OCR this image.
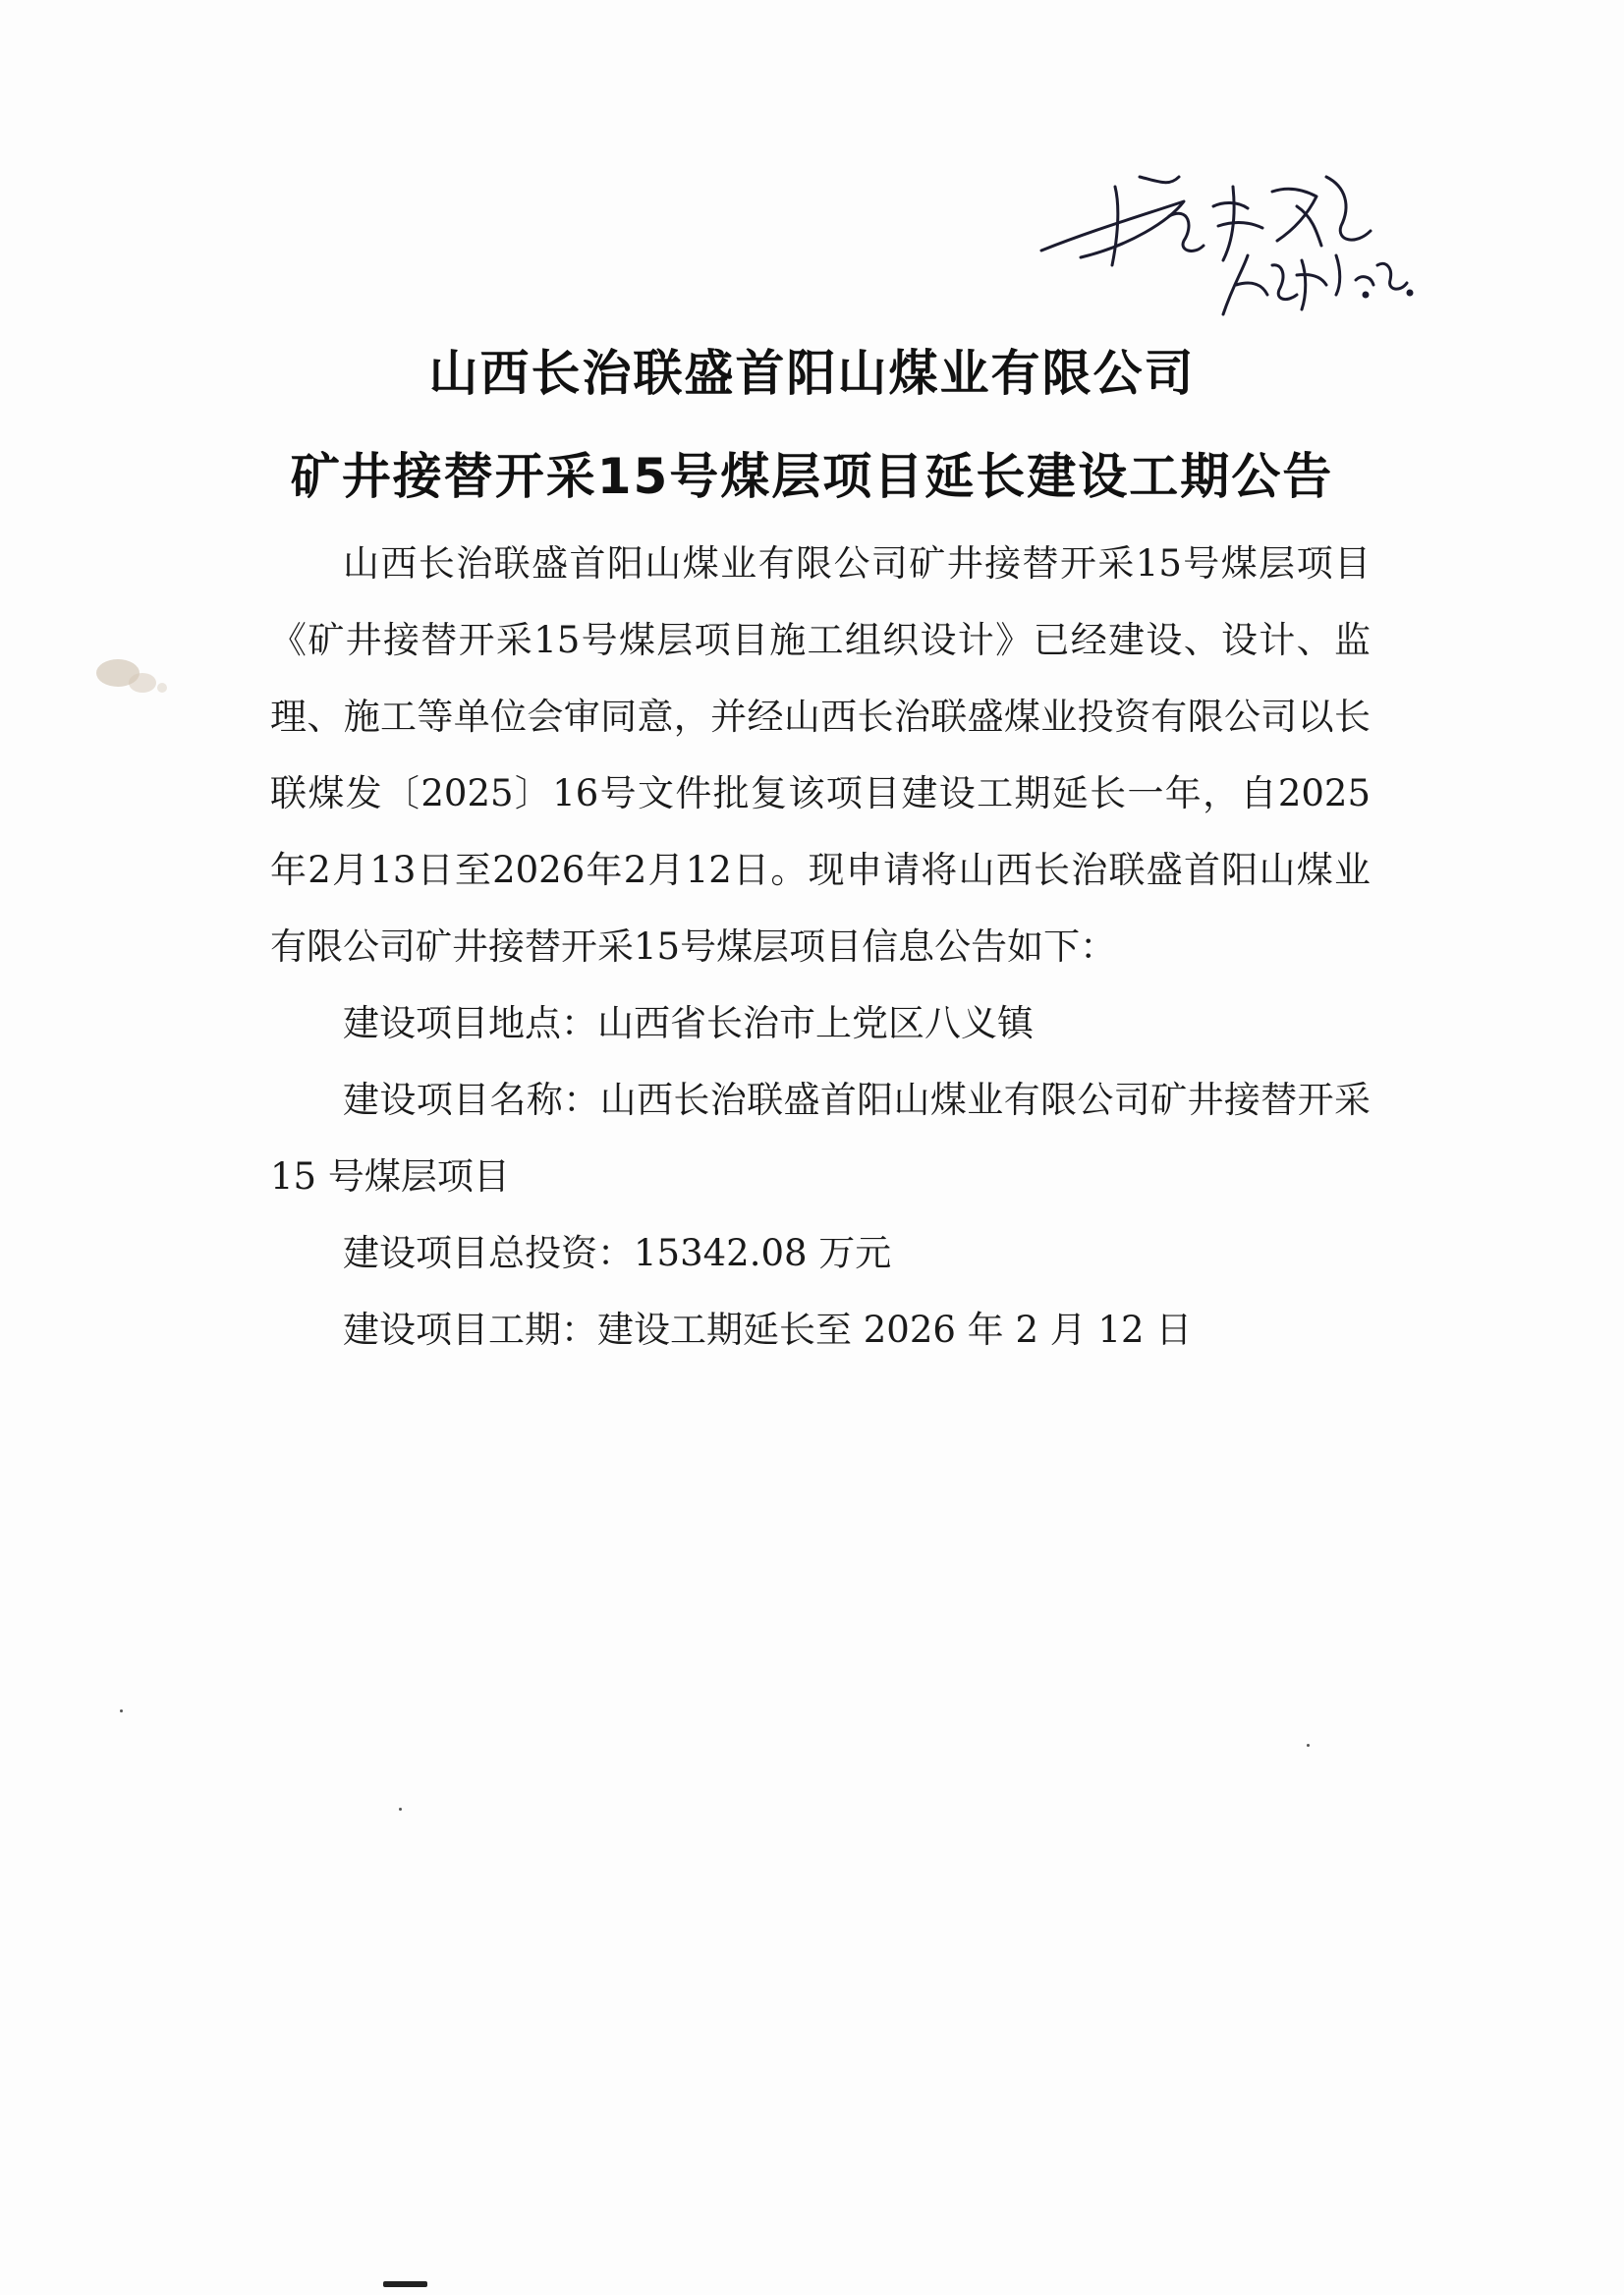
山西长治联盛首阳山煤业有限公司
矿井接替开采15号煤层项目延长建设工期公告

山西长治联盛首阳山煤业有限公司矿井接替开采15号煤层项目《矿井接替开采15号煤层项目施工组织设计》已经建设、设计、监理、施工等单位会审同意，并经山西长治联盛煤业投资有限公司以长联煤发〔2025〕16号文件批复该项目建设工期延长一年，自2025年2月13日至2026年2月12日。现申请将山西长治联盛首阳山煤业有限公司矿井接替开采15号煤层项目信息公告如下：

建设项目地点：山西省长治市上党区八义镇

建设项目名称：山西长治联盛首阳山煤业有限公司矿井接替开采 15 号煤层项目

建设项目总投资：15342.08 万元

建设项目工期：建设工期延长至 2026 年 2 月 12 日
